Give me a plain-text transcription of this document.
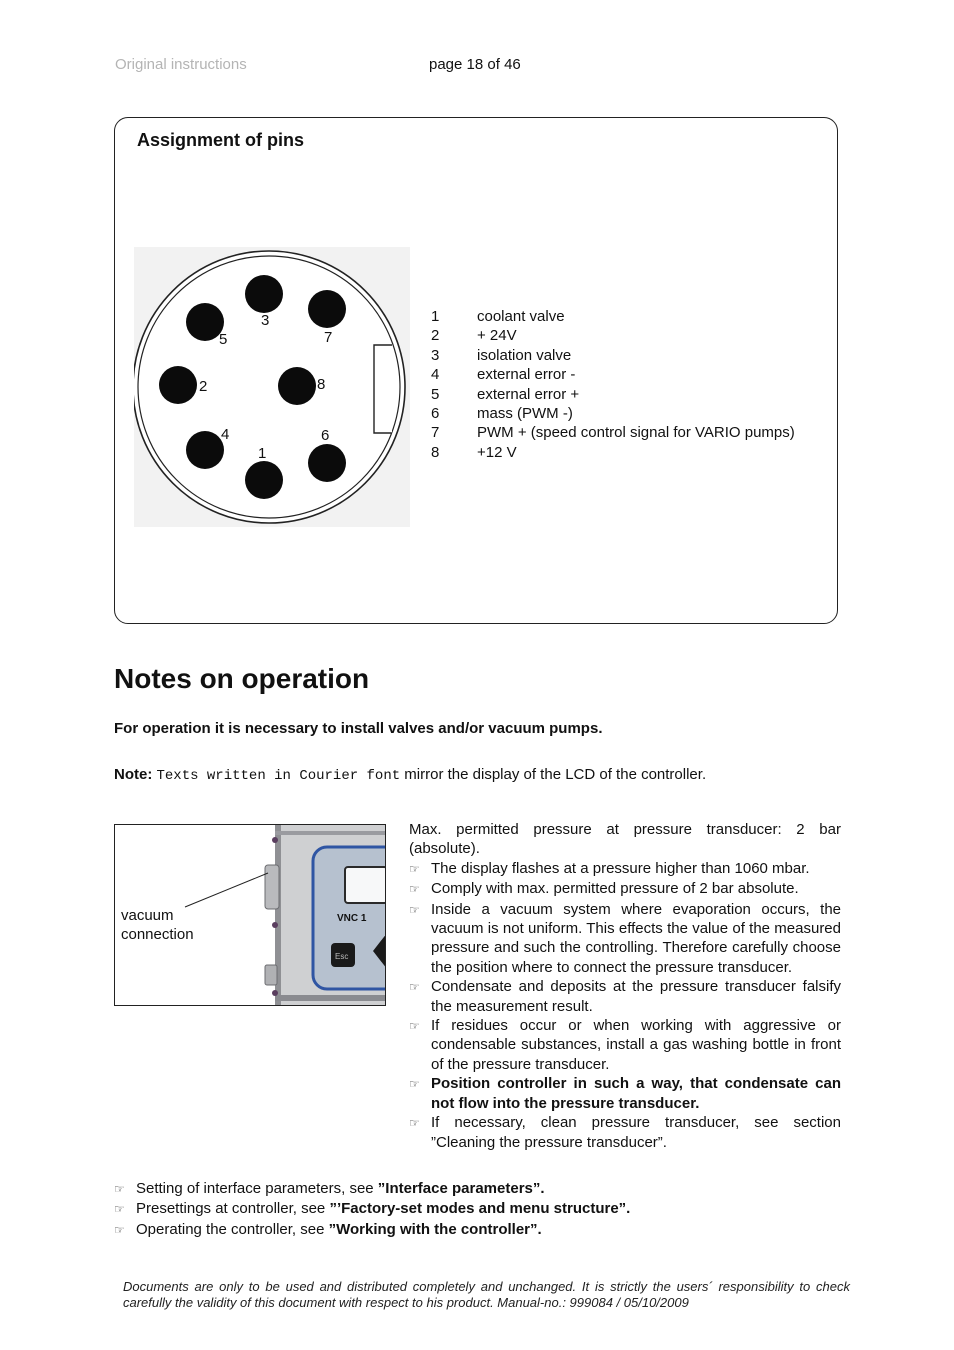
Original instructions	page 18 of 46
Assignment of pins
3
7
5
2	8
4	6
1
1	coolant valve
2	+ 24V
3	isolation valve
4	external error -
5	external error +
6	mass (PWM -)
7	PWM + (speed control signal for VARIO pumps)
8	+12 V
Notes on operation
For operation it is necessary to install valves and/or vacuum pumps.
Note: Texts written in Courier font mirror the display of the LCD of the controller.
VNC 1
Esc
vacuum
connection
Max. permitted pressure at pressure transducer: 2 bar (absolute).
☞ The display flashes at a pressure higher than 1060 mbar.
☞ Comply with max. permitted pressure of 2 bar absolute.
☞ Inside a vacuum system where evaporation occurs, the vacuum is not uniform. This effects the value of the measured pressure and such the controlling. Therefore carefully choose the position where to connect the pressure transducer.
☞ Condensate and deposits at the pressure transducer falsify the measurement result.
☞ If residues occur or when working with aggressive or condensable substances, install a gas washing bottle in front of the pressure transducer.
☞ Position controller in such a way, that condensate can not flow into the pressure transducer.
☞ If necessary, clean pressure transducer, see section ”Cleaning the pressure transducer”.
☞ Setting of interface parameters, see ”Interface parameters”.
☞ Presettings at controller, see ”’Factory-set modes and menu structure”.
☞ Operating the controller, see ”Working with the controller”.
Documents are only to be used and distributed completely and unchanged. It is strictly the users´ responsibility to check carefully the validity of this document with respect to his product. Manual-no.: 999084 / 05/10/2009
